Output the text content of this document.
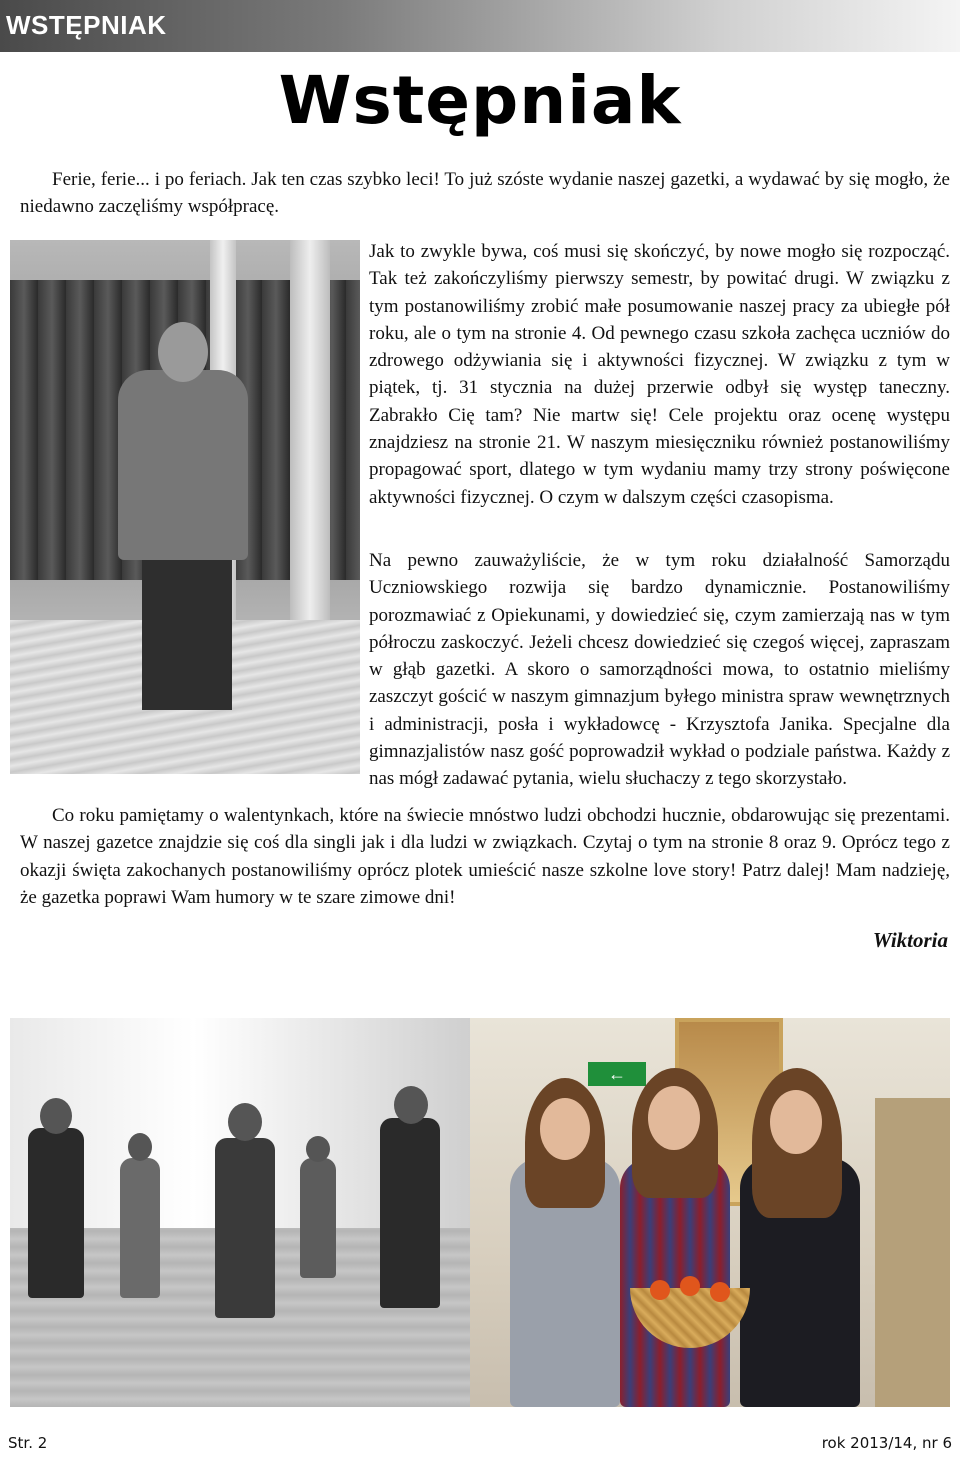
WSTĘPNIAK
Wstępniak

Ferie, ferie... i po feriach. Jak ten czas szybko leci! To już szóste wydanie naszej gazetki, a wydawać by się mogło, że niedawno zaczęliśmy współpracę.

Jak to zwykle bywa, coś musi się skończyć, by nowe mogło się rozpocząć. Tak też zakończyliśmy pierwszy semestr, by powitać drugi. W związku z tym postanowiliśmy zrobić małe posumowanie naszej pracy za ubiegłe pół roku, ale o tym na stronie 4. Od pewnego czasu szkoła zachęca uczniów do zdrowego odżywiania się i aktywności fizycznej. W związku z tym w piątek, tj. 31 stycznia na dużej przerwie odbył się występ taneczny. Zabrakło Cię tam? Nie martw się! Cele projektu oraz ocenę występu znajdziesz na stronie 21. W naszym miesięczniku również postanowiliśmy propagować sport, dlatego w tym wydaniu mamy trzy strony poświęcone aktywności fizycznej. O czym w dalszym części czasopisma.

Na pewno zauważyliście, że w tym roku działalność Samorządu Uczniowskiego rozwija się bardzo dynamicznie. Postanowiliśmy porozmawiać z Opiekunami, y dowiedzieć się, czym zamierzają nas w tym półroczu zaskoczyć. Jeżeli chcesz dowiedzieć się czegoś więcej, zapraszam w głąb gazetki. A skoro o samorządności mowa, to ostatnio mieliśmy zaszczyt gościć w naszym gimnazjum byłego ministra spraw wewnętrznych i administracji, posła i wykładowcę - Krzysztofa Janika. Specjalne dla gimnazjalistów nasz gość poprowadził wykład o podziale państwa. Każdy z nas mógł zadawać pytania, wielu słuchaczy z tego skorzystało.

Co roku pamiętamy o walentynkach, które na świecie mnóstwo ludzi obchodzi hucznie, obdarowując się prezentami. W naszej gazetce znajdzie się coś dla singli jak i dla ludzi w związkach. Czytaj o tym na stronie 8 oraz 9. Oprócz tego z okazji święta zakochanych postanowiliśmy oprócz plotek umieścić nasze szkolne love story! Patrz dalej! Mam nadzieję, że gazetka poprawi Wam humory w te szare zimowe dni!

Wiktoria
←
Str. 2	rok 2013/14, nr 6
